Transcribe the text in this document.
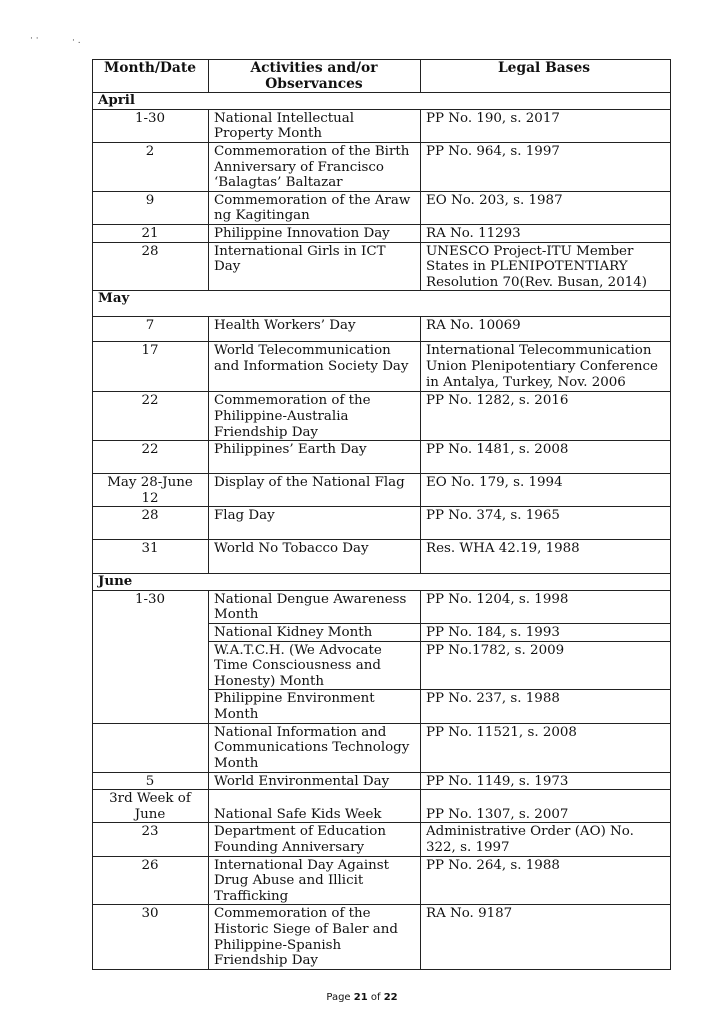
· ·	· .
Month/Date	Activities and/or Observances	Legal Bases
April		
1-30	National Intellectual Property Month	PP No. 190, s. 2017
2	Commemoration of the Birth Anniversary of Francisco ‘Balagtas’ Baltazar	PP No. 964, s. 1997
9	Commemoration of the Araw ng Kagitingan	EO No. 203, s. 1987
21	Philippine Innovation Day	RA No. 11293
28	International Girls in ICT Day	UNESCO Project-ITU Member States in PLENIPOTENTIARY Resolution 70(Rev. Busan, 2014)
May		
7	Health Workers’ Day	RA No. 10069
17	World Telecommunication and Information Society Day	International Telecommunication Union Plenipotentiary Conference in Antalya, Turkey, Nov. 2006
22	Commemoration of the Philippine-Australia Friendship Day	PP No. 1282, s. 2016
22	Philippines’ Earth Day	PP No. 1481, s. 2008
May 28-June 12	Display of the National Flag	EO No. 179, s. 1994
28	Flag Day	PP No. 374, s. 1965
31	World No Tobacco Day	Res. WHA 42.19, 1988
June		
1-30	National Dengue Awareness Month	PP No. 1204, s. 1998
	National Kidney Month	PP No. 184, s. 1993
	W.A.T.C.H. (We Advocate Time Consciousness and Honesty) Month	PP No.1782, s. 2009
	Philippine Environment Month	PP No. 237, s. 1988
	National Information and Communications Technology Month	PP No. 11521, s. 2008
5	World Environmental Day	PP No. 1149, s. 1973
3rd Week of June	National Safe Kids Week	PP No. 1307, s. 2007
23	Department of Education Founding Anniversary	Administrative Order (AO) No. 322, s. 1997
26	International Day Against Drug Abuse and Illicit Trafficking	PP No. 264, s. 1988
30	Commemoration of the Historic Siege of Baler and Philippine-Spanish Friendship Day	RA No. 9187
Page 21 of 22
